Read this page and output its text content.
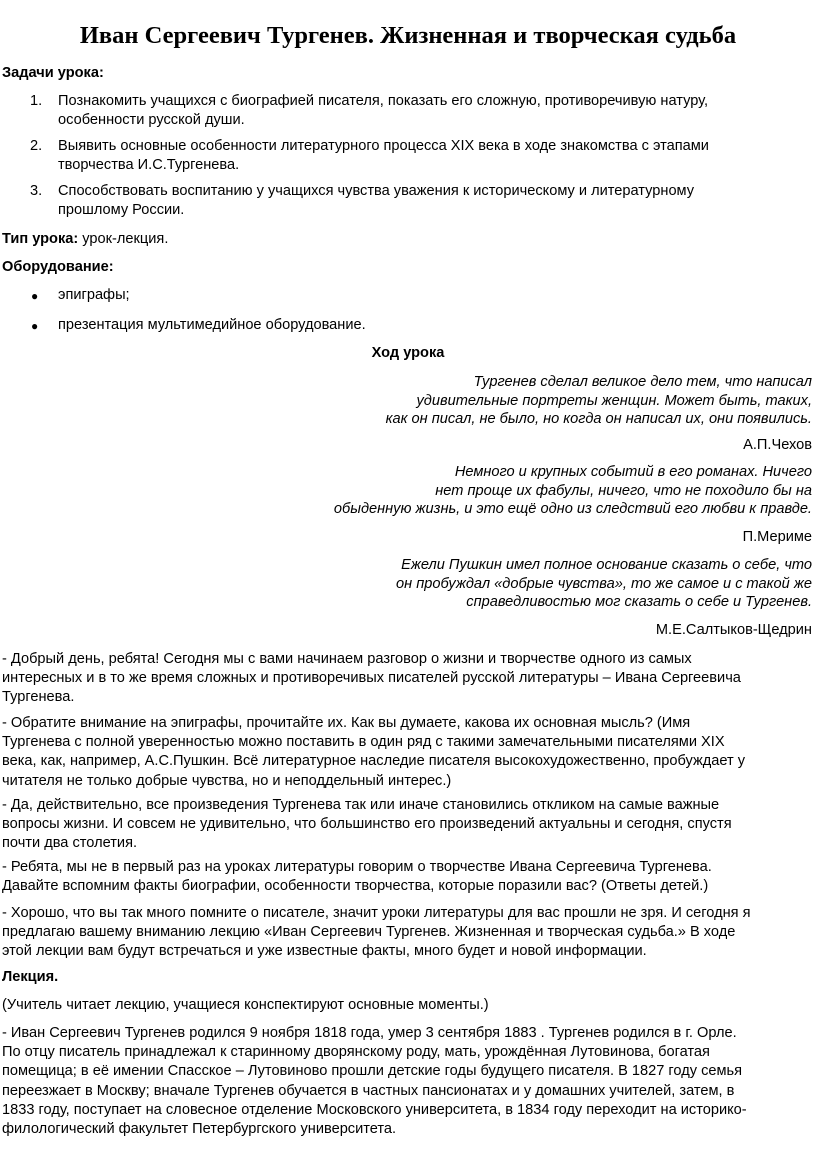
Иван Сергеевич Тургенев. Жизненная и творческая судьба

Задачи урока:

1. Познакомить учащихся с биографией писателя, показать его сложную, противоречивую натуру,
особенности русской души.
2. Выявить основные особенности литературного процесса XIX века в ходе знакомства с этапами
творчества И.С.Тургенева.
3. Способствовать воспитанию у учащихся чувства уважения к историческому и литературному
прошлому России.

Тип урока: урок-лекция.

Оборудование:

● эпиграфы;
● презентация мультимедийное оборудование.
Ход урока
Тургенев сделал великое дело тем, что написал
удивительные портреты женщин. Может быть, таких,
как он писал, не было, но когда он написал их, они появились.
А.П.Чехов
Немного и крупных событий в его романах. Ничего
нет проще их фабулы, ничего, что не походило бы на
обыденную жизнь, и это ещё одно из следствий его любви к правде.
П.Мериме
Ежели Пушкин имел полное основание сказать о себе, что
он пробуждал «добрые чувства», то же самое и с такой же
справедливостью мог сказать о себе и Тургенев.
М.Е.Салтыков-Щедрин
- Добрый день, ребята! Сегодня мы с вами начинаем разговор о жизни и творчестве одного из самых
интересных и в то же время сложных и противоречивых писателей русской литературы – Ивана Сергеевича
Тургенева.
- Обратите внимание на эпиграфы, прочитайте их. Как вы думаете, какова их основная мысль? (Имя
Тургенева с полной уверенностью можно поставить в один ряд с такими замечательными писателями XIX
века, как, например, А.С.Пушкин. Всё литературное наследие писателя высокохудожественно, пробуждает у
читателя не только добрые чувства, но и неподдельный интерес.)
- Да, действительно, все произведения Тургенева так или иначе становились откликом на самые важные
вопросы жизни. И совсем не удивительно, что большинство его произведений актуальны и сегодня, спустя
почти два столетия.
- Ребята, мы не в первый раз на уроках литературы говорим о творчестве Ивана Сергеевича Тургенева.
Давайте вспомним факты биографии, особенности творчества, которые поразили вас? (Ответы детей.)
- Хорошо, что вы так много помните о писателе, значит уроки литературы для вас прошли не зря. И сегодня я
предлагаю вашему вниманию лекцию «Иван Сергеевич Тургенев. Жизненная и творческая судьба.» В ходе
этой лекции вам будут встречаться и уже известные факты, много будет и новой информации.

Лекция.

(Учитель читает лекцию, учащиеся конспектируют основные моменты.)

- Иван Сергеевич Тургенев родился 9 ноября 1818 года, умер 3 сентября 1883 . Тургенев родился в г. Орле.
По отцу писатель принадлежал к старинному дворянскому роду, мать, урождённая Лутовинова, богатая
помещица; в её имении Спасское – Лутовиново прошли детские годы будущего писателя. В 1827 году семья
переезжает в Москву; вначале Тургенев обучается в частных пансионатах и у домашних учителей, затем, в
1833 году, поступает на словесное отделение Московского университета, в 1834 году переходит на историко-
филологический факультет Петербургского университета.
